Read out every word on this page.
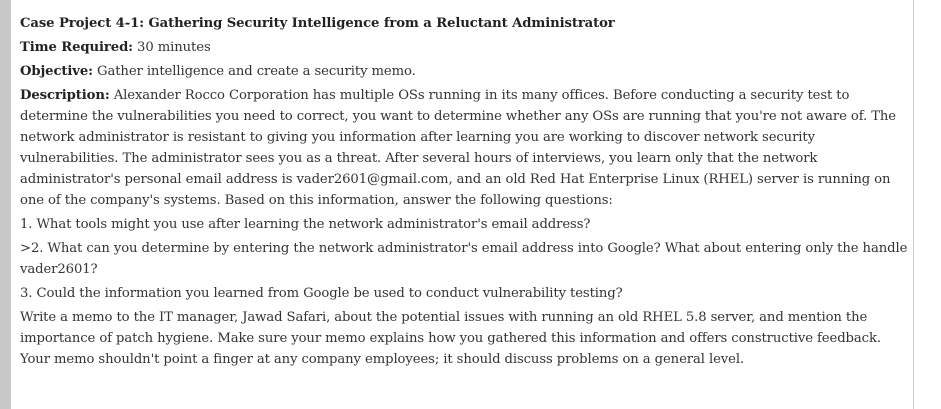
Case Project 4-1: Gathering Security Intelligence from a Reluctant Administrator

Time Required: 30 minutes

Objective: Gather intelligence and create a security memo.

Description: Alexander Rocco Corporation has multiple OSs running in its many offices. Before conducting a security test to determine the vulnerabilities you need to correct, you want to determine whether any OSs are running that you're not aware of. The network administrator is resistant to giving you information after learning you are working to discover network security vulnerabilities. The administrator sees you as a threat. After several hours of interviews, you learn only that the network administrator's personal email address is vader2601@gmail.com, and an old Red Hat Enterprise Linux (RHEL) server is running on one of the company's systems. Based on this information, answer the following questions:

1. What tools might you use after learning the network administrator's email address?

>2. What can you determine by entering the network administrator's email address into Google? What about entering only the handle vader2601?

3. Could the information you learned from Google be used to conduct vulnerability testing?

Write a memo to the IT manager, Jawad Safari, about the potential issues with running an old RHEL 5.8 server, and mention the importance of patch hygiene. Make sure your memo explains how you gathered this information and offers constructive feedback. Your memo shouldn't point a finger at any company employees; it should discuss problems on a general level.
